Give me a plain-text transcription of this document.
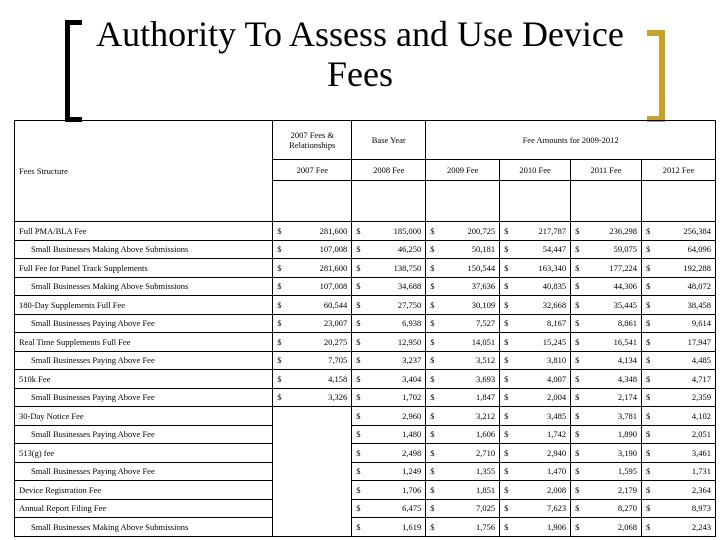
Authority To Assess and Use Device Fees
Fees Structure	2007 Fees & Relationships	Base Year	Fee Amounts for 2009-2012			
	2007 Fee	2008 Fee	2009 Fee	2010 Fee	2011 Fee	2012 Fee

Full PMA/BLA Fee	$ 281,600	$ 185,000	$ 200,725	$ 217,787	$ 236,298	$ 256,384

Small Businesses Making Above Submissions	$ 107,008	$ 46,250	$ 50,181	$ 54,447	$ 59,075	$ 64,096

Full Fee for Panel Track Supplements	$ 281,600	$ 138,750	$ 150,544	$ 163,340	$ 177,224	$ 192,288

Small Businesses Making Above Submissions	$ 107,008	$ 34,688	$ 37,636	$ 40,835	$ 44,306	$ 48,072

180-Day Supplements Full Fee	$ 60,544	$ 27,750	$ 30,109	$ 32,668	$ 35,445	$ 38,458

Small Businesses Paying Above Fee	$ 23,007	$ 6,938	$ 7,527	$ 8,167	$ 8,861	$ 9,614

Real Time Supplements Full Fee	$ 20,275	$ 12,950	$ 14,051	$ 15,245	$ 16,541	$ 17,947

Small Businesses Paying Above Fee	$ 7,705	$ 3,237	$ 3,512	$ 3,810	$ 4,134	$ 4,485

510k Fee	$ 4,158	$ 3,404	$ 3,693	$ 4,007	$ 4,348	$ 4,717

Small Businesses Paying Above Fee	$ 3,326	$ 1,702	$ 1,847	$ 2,004	$ 2,174	$ 2,359

30-Day Notice Fee		$ 2,960	$ 3,212	$ 3,485	$ 3,781	$ 4,102

Small Businesses Paying Above Fee		$ 1,480	$ 1,606	$ 1,742	$ 1,890	$ 2,051

513(g) fee		$ 2,498	$ 2,710	$ 2,940	$ 3,190	$ 3,461

Small Businesses Paying Above Fee		$ 1,249	$ 1,355	$ 1,470	$ 1,595	$ 1,731

Device Registration Fee		$ 1,706	$ 1,851	$ 2,008	$ 2,179	$ 2,364

Annual Report Filing Fee		$ 6,475	$ 7,025	$ 7,623	$ 8,270	$ 8,973

Small Businesses Making Above Submissions		$ 1,619	$ 1,756	$ 1,906	$ 2,068	$ 2,243
